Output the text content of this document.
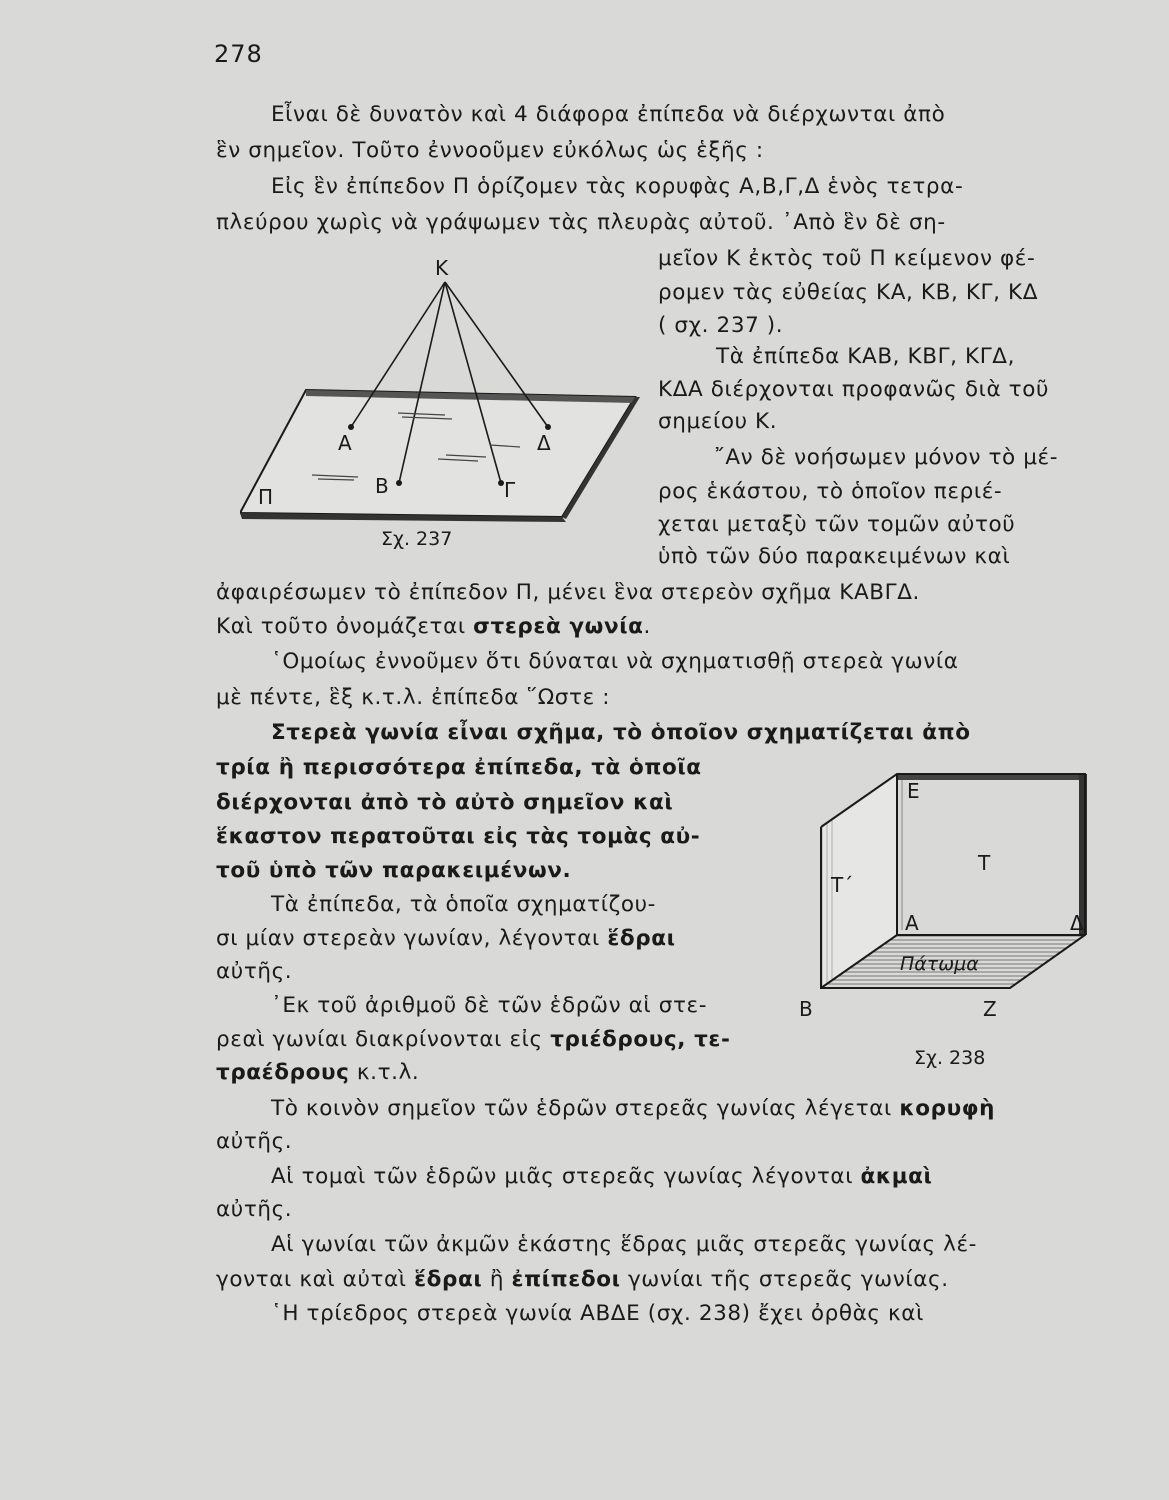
278
Εἶναι δὲ δυνατὸν καὶ 4 διάφορα ἐπίπεδα νὰ διέρχωνται ἀπὸ
ἓν σημεῖον. Τοῦτο ἐννοοῦμεν εὐκόλως ὡς ἑξῆς :
Εἰς ἓν ἐπίπεδον Π ὁρίζομεν τὰς κορυφὰς Α,Β,Γ,Δ ἑνὸς τετρα-
πλεύρου χωρὶς νὰ γράψωμεν τὰς πλευρὰς αὐτοῦ. ᾿Απὸ ἓν δὲ ση-
μεῖον Κ ἐκτὸς τοῦ Π κείμενον φέ-
ρομεν τὰς εὐθείας ΚΑ, ΚΒ, ΚΓ, ΚΔ
( σχ. 237 ).
Τὰ ἐπίπεδα ΚΑΒ, ΚΒΓ, ΚΓΔ,
ΚΔΑ διέρχονται προφανῶς διὰ τοῦ
σημείου Κ.
῎Αν δὲ νοήσωμεν μόνον τὸ μέ-
ρος ἑκάστου, τὸ ὁποῖον περιέ-
χεται μεταξὺ τῶν τομῶν αὐτοῦ
ὑπὸ τῶν δύο παρακειμένων καὶ
Κ
Α
Β	Γ
Δ
Π
Σχ. 237
ἀφαιρέσωμεν τὸ ἐπίπεδον Π, μένει ἓνα στερεὸν σχῆμα ΚΑΒΓΔ.
Καὶ τοῦτο ὀνομάζεται στερεὰ γωνία.
῾Ομοίως ἐννοῦμεν ὅτι δύναται νὰ σχηματισθῇ στερεὰ γωνία
μὲ πέντε, ἓξ κ.τ.λ. ἐπίπεδα ῞Ωστε :
Στερεὰ γωνία εἶναι σχῆμα, τὸ ὁποῖον σχηματίζεται ἀπὸ
τρία ἢ περισσότερα ἐπίπεδα, τὰ ὁποῖα
διέρχονται ἀπὸ τὸ αὐτὸ σημεῖον καὶ
ἕκαστον περατοῦται εἰς τὰς τομὰς αὐ-
τοῦ ὑπὸ τῶν παρακειμένων.
Τὰ ἐπίπεδα, τὰ ὁποῖα σχηματίζου-
σι μίαν στερεὰν γωνίαν, λέγονται ἕδραι
αὐτῆς.
᾿Εκ τοῦ ἀριθμοῦ δὲ τῶν ἑδρῶν αἱ στε-
ρεαὶ γωνίαι διακρίνονται εἰς τριέδρους, τε-
τραέδρους κ.τ.λ.
Ε
Τ
Τ΄
Α	Δ
Πάτωμα
Β	Ζ
Σχ. 238
Τὸ κοινὸν σημεῖον τῶν ἑδρῶν στερεᾶς γωνίας λέγεται κορυφὴ
αὐτῆς.
Αἱ τομαὶ τῶν ἑδρῶν μιᾶς στερεᾶς γωνίας λέγονται ἀκμαὶ
αὐτῆς.
Αἱ γωνίαι τῶν ἀκμῶν ἑκάστης ἕδρας μιᾶς στερεᾶς γωνίας λέ-
γονται καὶ αὐταὶ ἕδραι ἢ ἐπίπεδοι γωνίαι τῆς στερεᾶς γωνίας.
῾Η τρίεδρος στερεὰ γωνία ΑΒΔΕ (σχ. 238) ἔχει ὀρθὰς καὶ
